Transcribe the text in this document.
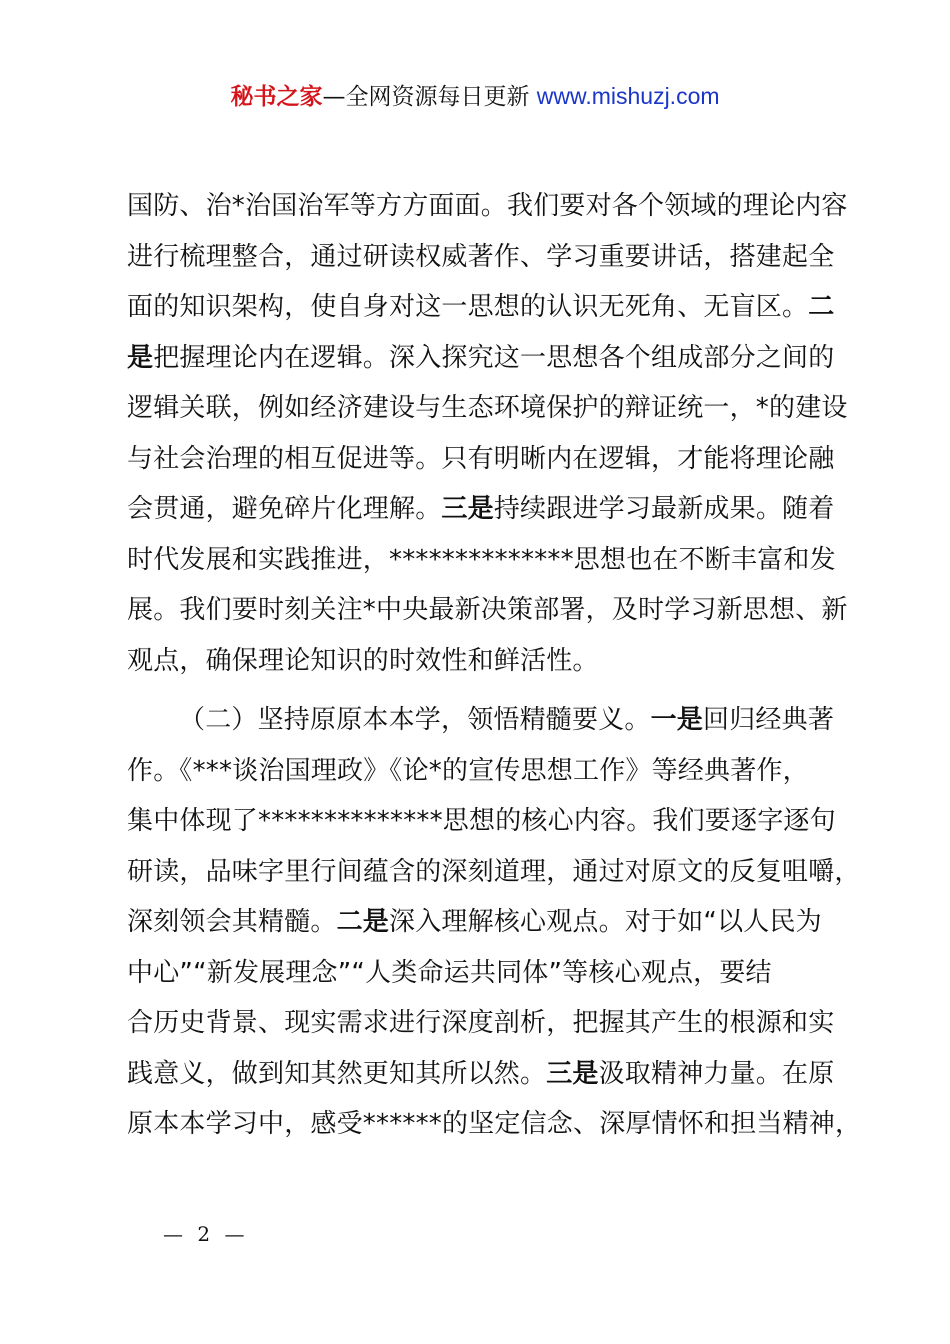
秘书之家—全网资源每日更新 www.mishuzj.com
国防、治*治国治军等方方面面。我们要对各个领域的理论内容
进行梳理整合，通过研读权威著作、学习重要讲话，搭建起全
面的知识架构，使自身对这一思想的认识无死角、无盲区。二
是把握理论内在逻辑。深入探究这一思想各个组成部分之间的
逻辑关联，例如经济建设与生态环境保护的辩证统一，*的建设
与社会治理的相互促进等。只有明晰内在逻辑，才能将理论融
会贯通，避免碎片化理解。三是持续跟进学习最新成果。随着
时代发展和实践推进，**************思想也在不断丰富和发
展。我们要时刻关注*中央最新决策部署，及时学习新思想、新
观点，确保理论知识的时效性和鲜活性。
（二）坚持原原本本学，领悟精髓要义。一是回归经典著
作。《***谈治国理政》《论*的宣传思想工作》等经典著作，
集中体现了**************思想的核心内容。我们要逐字逐句
研读，品味字里行间蕴含的深刻道理，通过对原文的反复咀嚼，
深刻领会其精髓。二是深入理解核心观点。对于如“以人民为
中心”“新发展理念”“人类命运共同体”等核心观点，要结
合历史背景、现实需求进行深度剖析，把握其产生的根源和实
践意义，做到知其然更知其所以然。三是汲取精神力量。在原
原本本学习中，感受******的坚定信念、深厚情怀和担当精神，
— 2 —
